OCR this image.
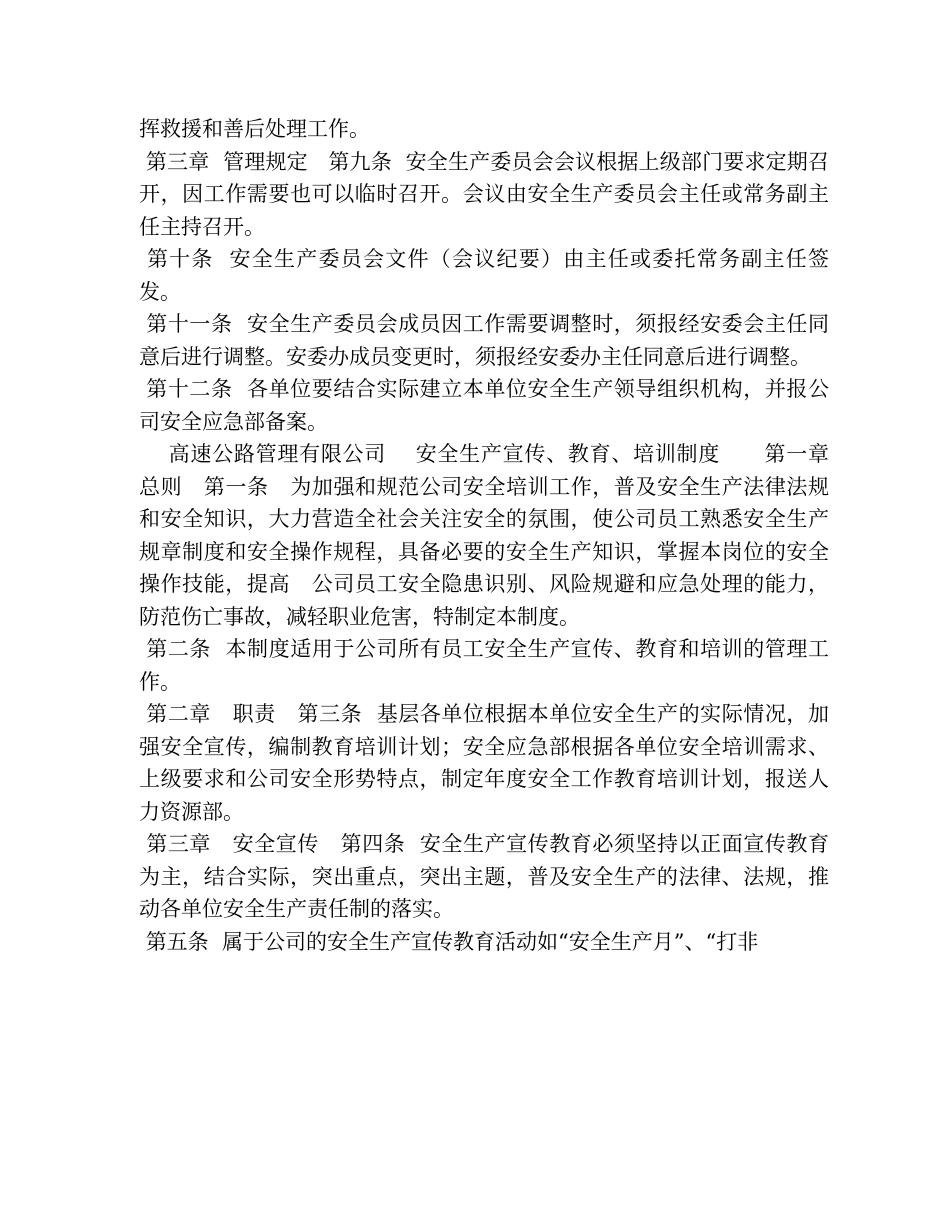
挥救援和善后处理工作。

第三章  管理规定   第九条  安全生产委员会会议根据上级部门要求定期召开，因工作需要也可以临时召开。会议由安全生产委员会主任或常务副主任主持召开。

第十条  安全生产委员会文件（会议纪要）由主任或委托常务副主任签发。

第十一条  安全生产委员会成员因工作需要调整时，须报经安委会主任同意后进行调整。安委办成员变更时，须报经安委办主任同意后进行调整。

第十二条  各单位要结合实际建立本单位安全生产领导组织机构，并报公司安全应急部备案。

高速公路管理有限公司    安全生产宣传、教育、培训制度      第一章   总则   第一条   为加强和规范公司安全培训工作，普及安全生产法律法规和安全知识，大力营造全社会关注安全的氛围，使公司员工熟悉安全生产规章制度和安全操作规程，具备必要的安全生产知识，掌握本岗位的安全操作技能，提高   公司员工安全隐患识别、风险规避和应急处理的能力，防范伤亡事故，减轻职业危害，特制定本制度。

第二条  本制度适用于公司所有员工安全生产宣传、教育和培训的管理工作。

第二章   职责   第三条  基层各单位根据本单位安全生产的实际情况，加强安全宣传，编制教育培训计划；安全应急部根据各单位安全培训需求、上级要求和公司安全形势特点，制定年度安全工作教育培训计划，报送人力资源部。

第三章   安全宣传   第四条  安全生产宣传教育必须坚持以正面宣传教育为主，结合实际，突出重点，突出主题，普及安全生产的法律、法规，推动各单位安全生产责任制的落实。

第五条  属于公司的安全生产宣传教育活动如“安全生产月”、“打非
